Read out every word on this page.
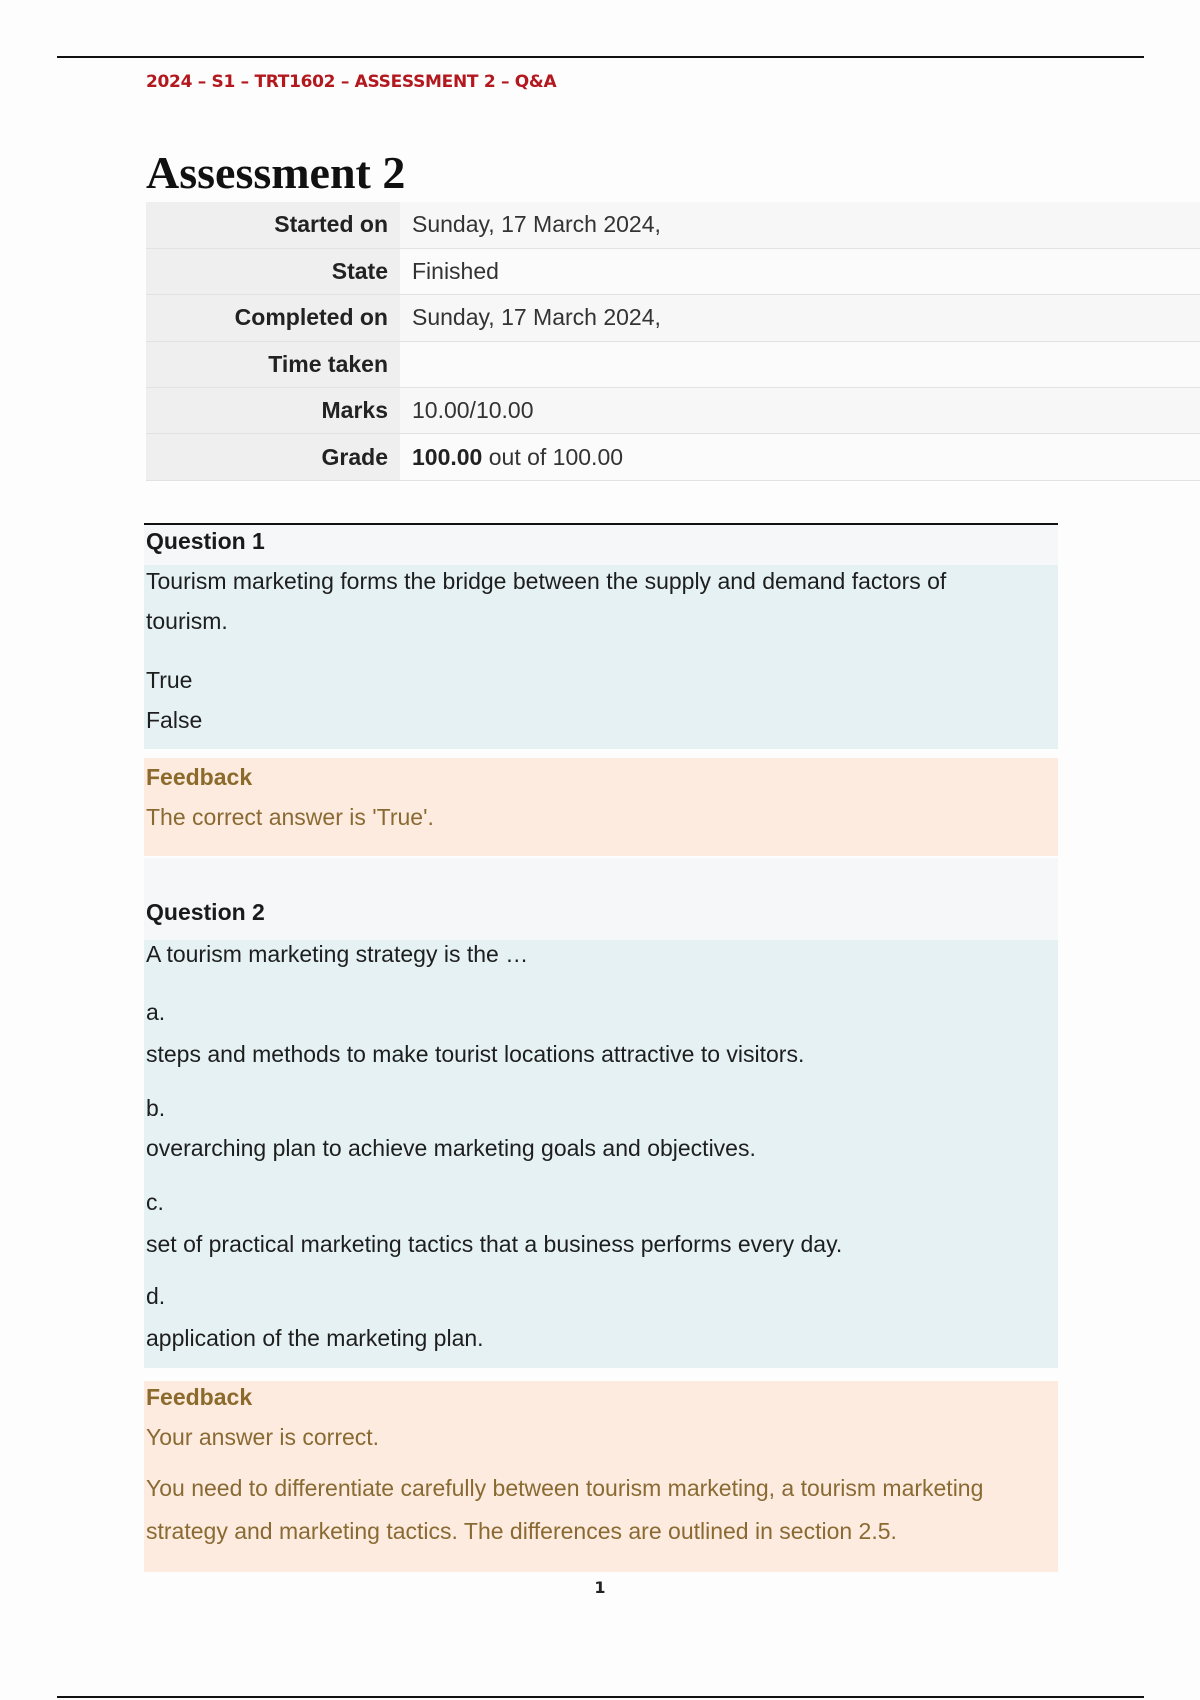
2024 – S1 – TRT1602 – ASSESSMENT 2 – Q&A
Assessment 2
Started on	Sunday, 17 March 2024,
State	Finished
Completed on	Sunday, 17 March 2024,
Time taken	
Marks	10.00/10.00
Grade	100.00 out of 100.00
Question 1

Tourism marketing forms the bridge between the supply and demand factors of

tourism.

True

False

Feedback

The correct answer is 'True'.

Question 2

A tourism marketing strategy is the …

a.

steps and methods to make tourist locations attractive to visitors.

b.

overarching plan to achieve marketing goals and objectives.

c.

set of practical marketing tactics that a business performs every day.

d.

application of the marketing plan.

Feedback

Your answer is correct.

You need to differentiate carefully between tourism marketing, a tourism marketing

strategy and marketing tactics. The differences are outlined in section 2.5.

1
